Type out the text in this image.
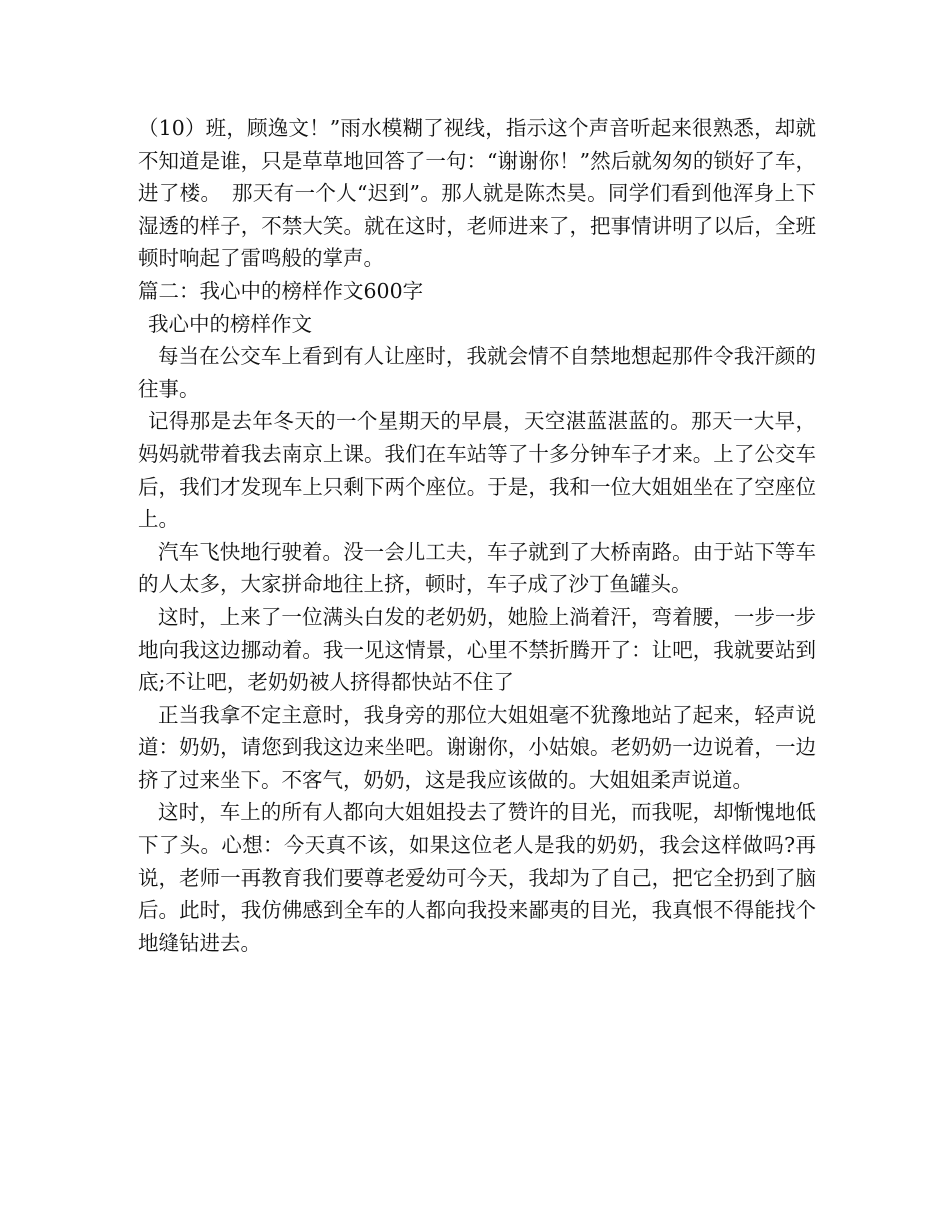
（10）班，顾逸文！”雨水模糊了视线，指示这个声音听起来很熟悉，却就不知道是谁，只是草草地回答了一句：“谢谢你！”然后就匆匆的锁好了车，进了楼。　那天有一个人“迟到”。那人就是陈杰昊。同学们看到他浑身上下湿透的样子，不禁大笑。就在这时，老师进来了，把事情讲明了以后，全班顿时响起了雷鸣般的掌声。

篇二：我心中的榜样作文600字

我心中的榜样作文

每当在公交车上看到有人让座时，我就会情不自禁地想起那件令我汗颜的往事。

记得那是去年冬天的一个星期天的早晨，天空湛蓝湛蓝的。那天一大早，妈妈就带着我去南京上课。我们在车站等了十多分钟车子才来。上了公交车后，我们才发现车上只剩下两个座位。于是，我和一位大姐姐坐在了空座位上。

汽车飞快地行驶着。没一会儿工夫，车子就到了大桥南路。由于站下等车的人太多，大家拼命地往上挤，顿时，车子成了沙丁鱼罐头。

这时，上来了一位满头白发的老奶奶，她脸上淌着汗，弯着腰，一步一步地向我这边挪动着。我一见这情景，心里不禁折腾开了：让吧，我就要站到底;不让吧，老奶奶被人挤得都快站不住了

正当我拿不定主意时，我身旁的那位大姐姐毫不犹豫地站了起来，轻声说道：奶奶，请您到我这边来坐吧。谢谢你，小姑娘。老奶奶一边说着，一边挤了过来坐下。不客气，奶奶，这是我应该做的。大姐姐柔声说道。

这时，车上的所有人都向大姐姐投去了赞许的目光，而我呢，却惭愧地低下了头。心想：今天真不该，如果这位老人是我的奶奶，我会这样做吗?再说，老师一再教育我们要尊老爱幼可今天，我却为了自己，把它全扔到了脑后。此时，我仿佛感到全车的人都向我投来鄙夷的目光，我真恨不得能找个地缝钻进去。
